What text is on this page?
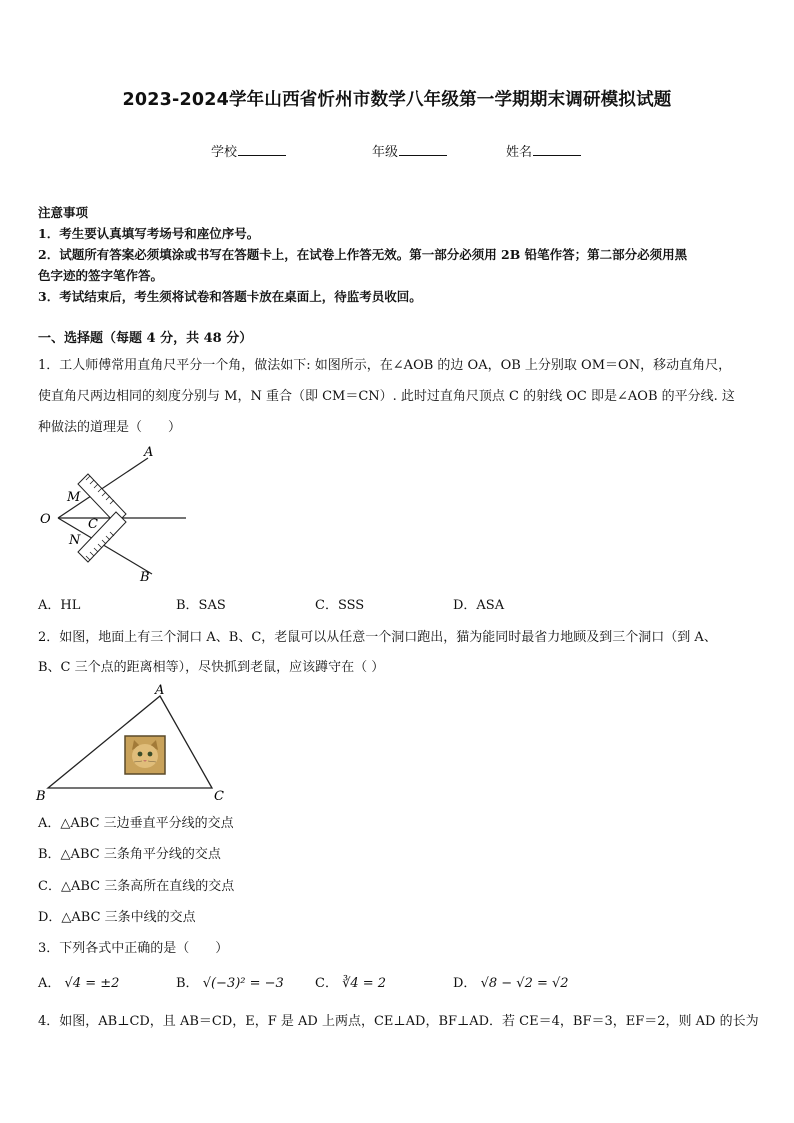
2023-2024学年山西省忻州市数学八年级第一学期期末调研模拟试题
学校	年级	姓名
注意事项
1．考生要认真填写考场号和座位序号。
2．试题所有答案必须填涂或书写在答题卡上，在试卷上作答无效。第一部分必须用 2B 铅笔作答；第二部分必须用黑
色字迹的签字笔作答。
3．考试结束后，考生须将试卷和答题卡放在桌面上，待监考员收回。
一、选择题（每题 4 分，共 48 分）
1．工人师傅常用直角尺平分一个角，做法如下: 如图所示，在∠AOB 的边 OA，OB 上分别取 OM＝ON，移动直角尺，
使直角尺两边相同的刻度分别与 M，N 重合（即 CM＝CN）. 此时过直角尺顶点 C 的射线 OC 即是∠AOB 的平分线. 这
种做法的道理是（　　）
A
B
O
M
N
C
A．HL	B．SAS	C．SSS	D．ASA
2．如图，地面上有三个洞口 A、B、C，老鼠可以从任意一个洞口跑出，猫为能同时最省力地顾及到三个洞口（到 A、
B、C 三个点的距离相等），尽快抓到老鼠，应该蹲守在（ ）
A
B	C
A．△ABC 三边垂直平分线的交点
B．△ABC 三条角平分线的交点
C．△ABC 三条高所在直线的交点
D．△ABC 三条中线的交点
3．下列各式中正确的是（　　）
A． √4 = ±2	B． √(−3)² = −3 C． ∛4 = 2	D． √8 − √2 = √2
4．如图，AB⊥CD，且 AB＝CD，E，F 是 AD 上两点，CE⊥AD，BF⊥AD．若 CE＝4，BF＝3，EF＝2，则 AD 的长为
